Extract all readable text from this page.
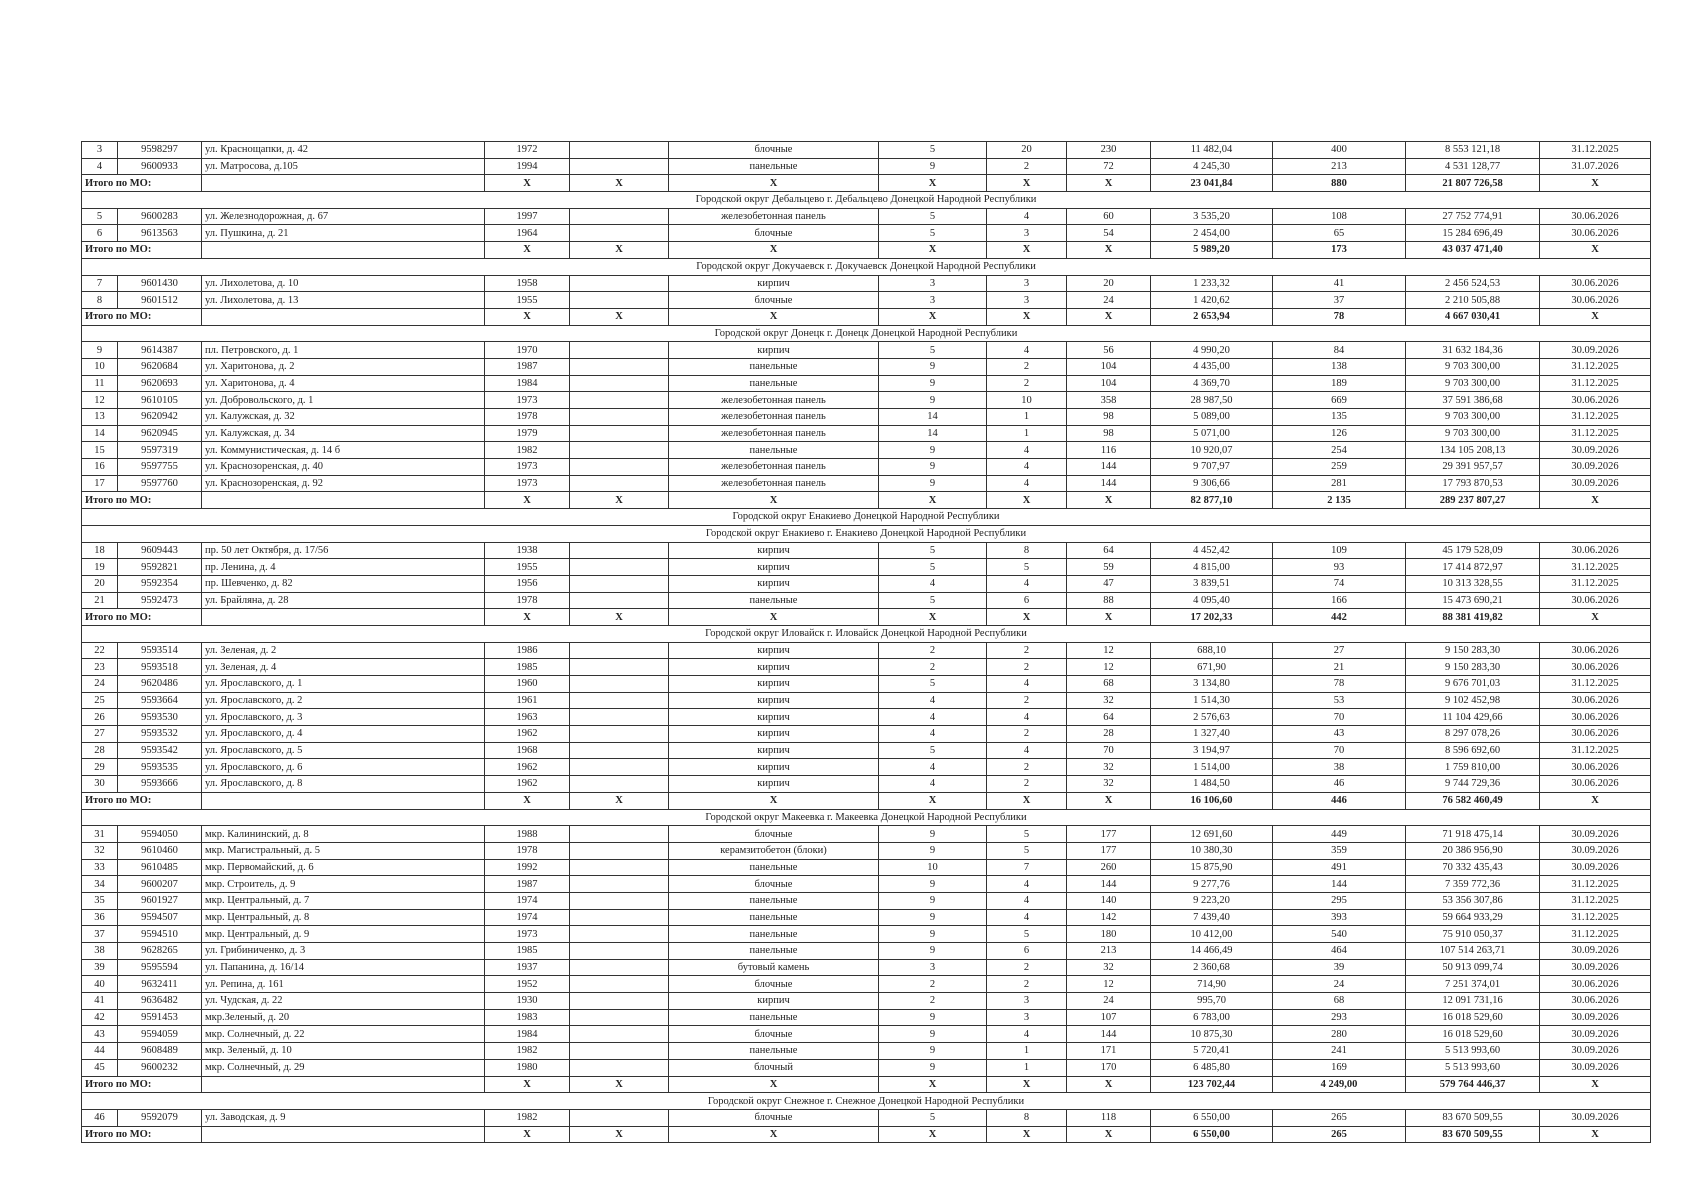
3	9598297	ул. Краснощапки, д. 42	1972		блочные	5	20	230	11 482,04	400	8 553 121,18	31.12.2025
4	9600933	ул. Матросова, д.105	1994		панельные	9	2	72	4 245,30	213	4 531 128,77	31.07.2026
Итого по МО:			X	X	X	X	X	X	23 041,84	880	21 807 726,58	X
Городской округ Дебальцево г. Дебальцево Донецкой Народной Республики												
5	9600283	ул. Железнодорожная, д. 67	1997		железобетонная панель	5	4	60	3 535,20	108	27 752 774,91	30.06.2026
6	9613563	ул. Пушкина, д. 21	1964		блочные	5	3	54	2 454,00	65	15 284 696,49	30.06.2026
Итого по МО:			X	X	X	X	X	X	5 989,20	173	43 037 471,40	X
Городской округ Докучаевск г. Докучаевск Донецкой Народной Республики												
7	9601430	ул. Лихолетова, д. 10	1958		кирпич	3	3	20	1 233,32	41	2 456 524,53	30.06.2026
8	9601512	ул. Лихолетова, д. 13	1955		блочные	3	3	24	1 420,62	37	2 210 505,88	30.06.2026
Итого по МО:			X	X	X	X	X	X	2 653,94	78	4 667 030,41	X
Городской округ Донецк г. Донецк Донецкой Народной Республики												
9	9614387	пл. Петровского, д. 1	1970		кирпич	5	4	56	4 990,20	84	31 632 184,36	30.09.2026
10	9620684	ул. Харитонова, д. 2	1987		панельные	9	2	104	4 435,00	138	9 703 300,00	31.12.2025
11	9620693	ул. Харитонова, д. 4	1984		панельные	9	2	104	4 369,70	189	9 703 300,00	31.12.2025
12	9610105	ул. Добровольского, д. 1	1973		железобетонная панель	9	10	358	28 987,50	669	37 591 386,68	30.06.2026
13	9620942	ул. Калужская, д. 32	1978		железобетонная панель	14	1	98	5 089,00	135	9 703 300,00	31.12.2025
14	9620945	ул. Калужская, д. 34	1979		железобетонная панель	14	1	98	5 071,00	126	9 703 300,00	31.12.2025
15	9597319	ул. Коммунистическая, д. 14 б	1982		панельные	9	4	116	10 920,07	254	134 105 208,13	30.09.2026
16	9597755	ул. Краснозоренская, д. 40	1973		железобетонная панель	9	4	144	9 707,97	259	29 391 957,57	30.09.2026
17	9597760	ул. Краснозоренская, д. 92	1973		железобетонная панель	9	4	144	9 306,66	281	17 793 870,53	30.09.2026
Итого по МО:			X	X	X	X	X	X	82 877,10	2 135	289 237 807,27	X
Городской округ Енакиево Донецкой Народной Республики												
Городской округ Енакиево г. Енакиево Донецкой Народной Республики												
18	9609443	пр. 50 лет Октября, д. 17/56	1938		кирпич	5	8	64	4 452,42	109	45 179 528,09	30.06.2026
19	9592821	пр. Ленина, д. 4	1955		кирпич	5	5	59	4 815,00	93	17 414 872,97	31.12.2025
20	9592354	пр. Шевченко, д. 82	1956		кирпич	4	4	47	3 839,51	74	10 313 328,55	31.12.2025
21	9592473	ул. Брайляна, д. 28	1978		панельные	5	6	88	4 095,40	166	15 473 690,21	30.06.2026
Итого по МО:			X	X	X	X	X	X	17 202,33	442	88 381 419,82	X
Городской округ Иловайск г. Иловайск Донецкой Народной Республики												
22	9593514	ул. Зеленая, д. 2	1986		кирпич	2	2	12	688,10	27	9 150 283,30	30.06.2026
23	9593518	ул. Зеленая, д. 4	1985		кирпич	2	2	12	671,90	21	9 150 283,30	30.06.2026
24	9620486	ул. Ярославского, д. 1	1960		кирпич	5	4	68	3 134,80	78	9 676 701,03	31.12.2025
25	9593664	ул. Ярославского, д. 2	1961		кирпич	4	2	32	1 514,30	53	9 102 452,98	30.06.2026
26	9593530	ул. Ярославского, д. 3	1963		кирпич	4	4	64	2 576,63	70	11 104 429,66	30.06.2026
27	9593532	ул. Ярославского, д. 4	1962		кирпич	4	2	28	1 327,40	43	8 297 078,26	30.06.2026
28	9593542	ул. Ярославского, д. 5	1968		кирпич	5	4	70	3 194,97	70	8 596 692,60	31.12.2025
29	9593535	ул. Ярославского, д. 6	1962		кирпич	4	2	32	1 514,00	38	1 759 810,00	30.06.2026
30	9593666	ул. Ярославского, д. 8	1962		кирпич	4	2	32	1 484,50	46	9 744 729,36	30.06.2026
Итого по МО:			X	X	X	X	X	X	16 106,60	446	76 582 460,49	X
Городской округ Макеевка г. Макеевка Донецкой Народной Республики												
31	9594050	мкр. Калининский, д. 8	1988		блочные	9	5	177	12 691,60	449	71 918 475,14	30.09.2026
32	9610460	мкр. Магистральный, д. 5	1978		керамзитобетон (блоки)	9	5	177	10 380,30	359	20 386 956,90	30.09.2026
33	9610485	мкр. Первомайский, д. 6	1992		панельные	10	7	260	15 875,90	491	70 332 435,43	30.09.2026
34	9600207	мкр. Строитель, д. 9	1987		блочные	9	4	144	9 277,76	144	7 359 772,36	31.12.2025
35	9601927	мкр. Центральный, д. 7	1974		панельные	9	4	140	9 223,20	295	53 356 307,86	31.12.2025
36	9594507	мкр. Центральный, д. 8	1974		панельные	9	4	142	7 439,40	393	59 664 933,29	31.12.2025
37	9594510	мкр. Центральный, д. 9	1973		панельные	9	5	180	10 412,00	540	75 910 050,37	31.12.2025
38	9628265	ул. Грибиниченко, д. 3	1985		панельные	9	6	213	14 466,49	464	107 514 263,71	30.09.2026
39	9595594	ул. Папанина, д. 16/14	1937		бутовый камень	3	2	32	2 360,68	39	50 913 099,74	30.09.2026
40	9632411	ул. Репина, д. 161	1952		блочные	2	2	12	714,90	24	7 251 374,01	30.06.2026
41	9636482	ул. Чудская, д. 22	1930		кирпич	2	3	24	995,70	68	12 091 731,16	30.06.2026
42	9591453	мкр.Зеленый, д. 20	1983		панельные	9	3	107	6 783,00	293	16 018 529,60	30.09.2026
43	9594059	мкр. Солнечный, д. 22	1984		блочные	9	4	144	10 875,30	280	16 018 529,60	30.09.2026
44	9608489	мкр. Зеленый, д. 10	1982		панельные	9	1	171	5 720,41	241	5 513 993,60	30.09.2026
45	9600232	мкр. Солнечный, д. 29	1980		блочный	9	1	170	6 485,80	169	5 513 993,60	30.09.2026
Итого по МО:			X	X	X	X	X	X	123 702,44	4 249,00	579 764 446,37	X
Городской округ Снежное г. Снежное Донецкой Народной Республики												
46	9592079	ул. Заводская, д. 9	1982		блочные	5	8	118	6 550,00	265	83 670 509,55	30.09.2026
Итого по МО:			X	X	X	X	X	X	6 550,00	265	83 670 509,55	X
